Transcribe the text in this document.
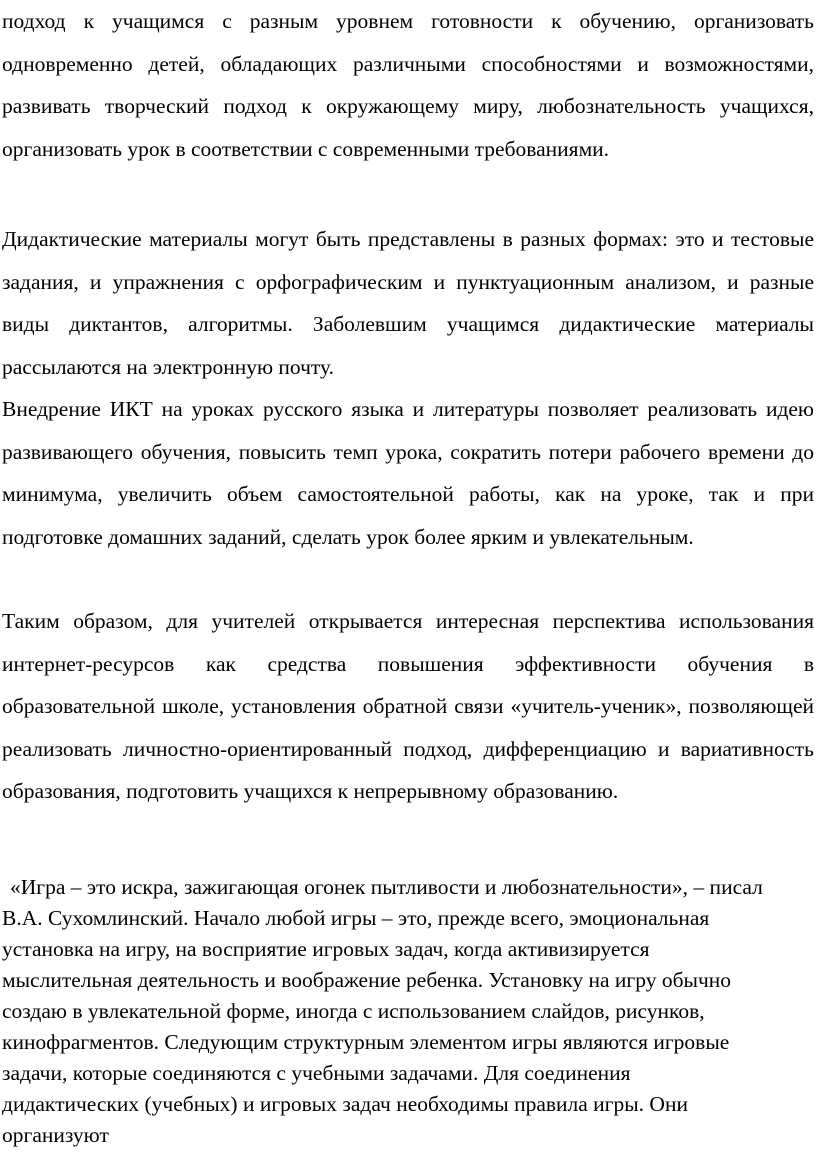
подход к учащимся с разным уровнем готовности к обучению, организовать одновременно детей, обладающих различными способностями и возможностями, развивать творческий подход к окружающему миру, любознательность учащихся, организовать урок в соответствии с современными требованиями.

Дидактические материалы могут быть представлены в разных формах: это и тестовые задания, и упражнения с орфографическим и пунктуационным анализом, и разные виды диктантов, алгоритмы. Заболевшим учащимся дидактические материалы рассылаются на электронную почту.

Внедрение ИКТ на уроках русского языка и литературы позволяет реализовать идею развивающего обучения, повысить темп урока, сократить потери рабочего времени до минимума, увеличить объем самостоятельной работы, как на уроке, так и при подготовке домашних заданий, сделать урок более ярким и увлекательным.

Таким образом, для учителей открывается интересная перспектива использования интернет-ресурсов как средства повышения эффективности обучения в образовательной школе, установления обратной связи «учитель-ученик», позволяющей реализовать личностно-ориентированный подход, дифференциацию и вариативность образования, подготовить учащихся к непрерывному образованию.

«Игра – это искра, зажигающая огонек пытливости и любознательности», – писал В.А. Сухомлинский. Начало любой игры – это, прежде всего, эмоциональная установка на игру, на восприятие игровых задач, когда активизируется мыслительная деятельность и воображение ребенка. Установку на игру обычно создаю в увлекательной форме, иногда с использованием слайдов, рисунков, кинофрагментов. Следующим структурным элементом игры являются игровые задачи, которые соединяются с учебными задачами. Для соединения дидактических (учебных) и игровых задач необходимы правила игры. Они организуют
